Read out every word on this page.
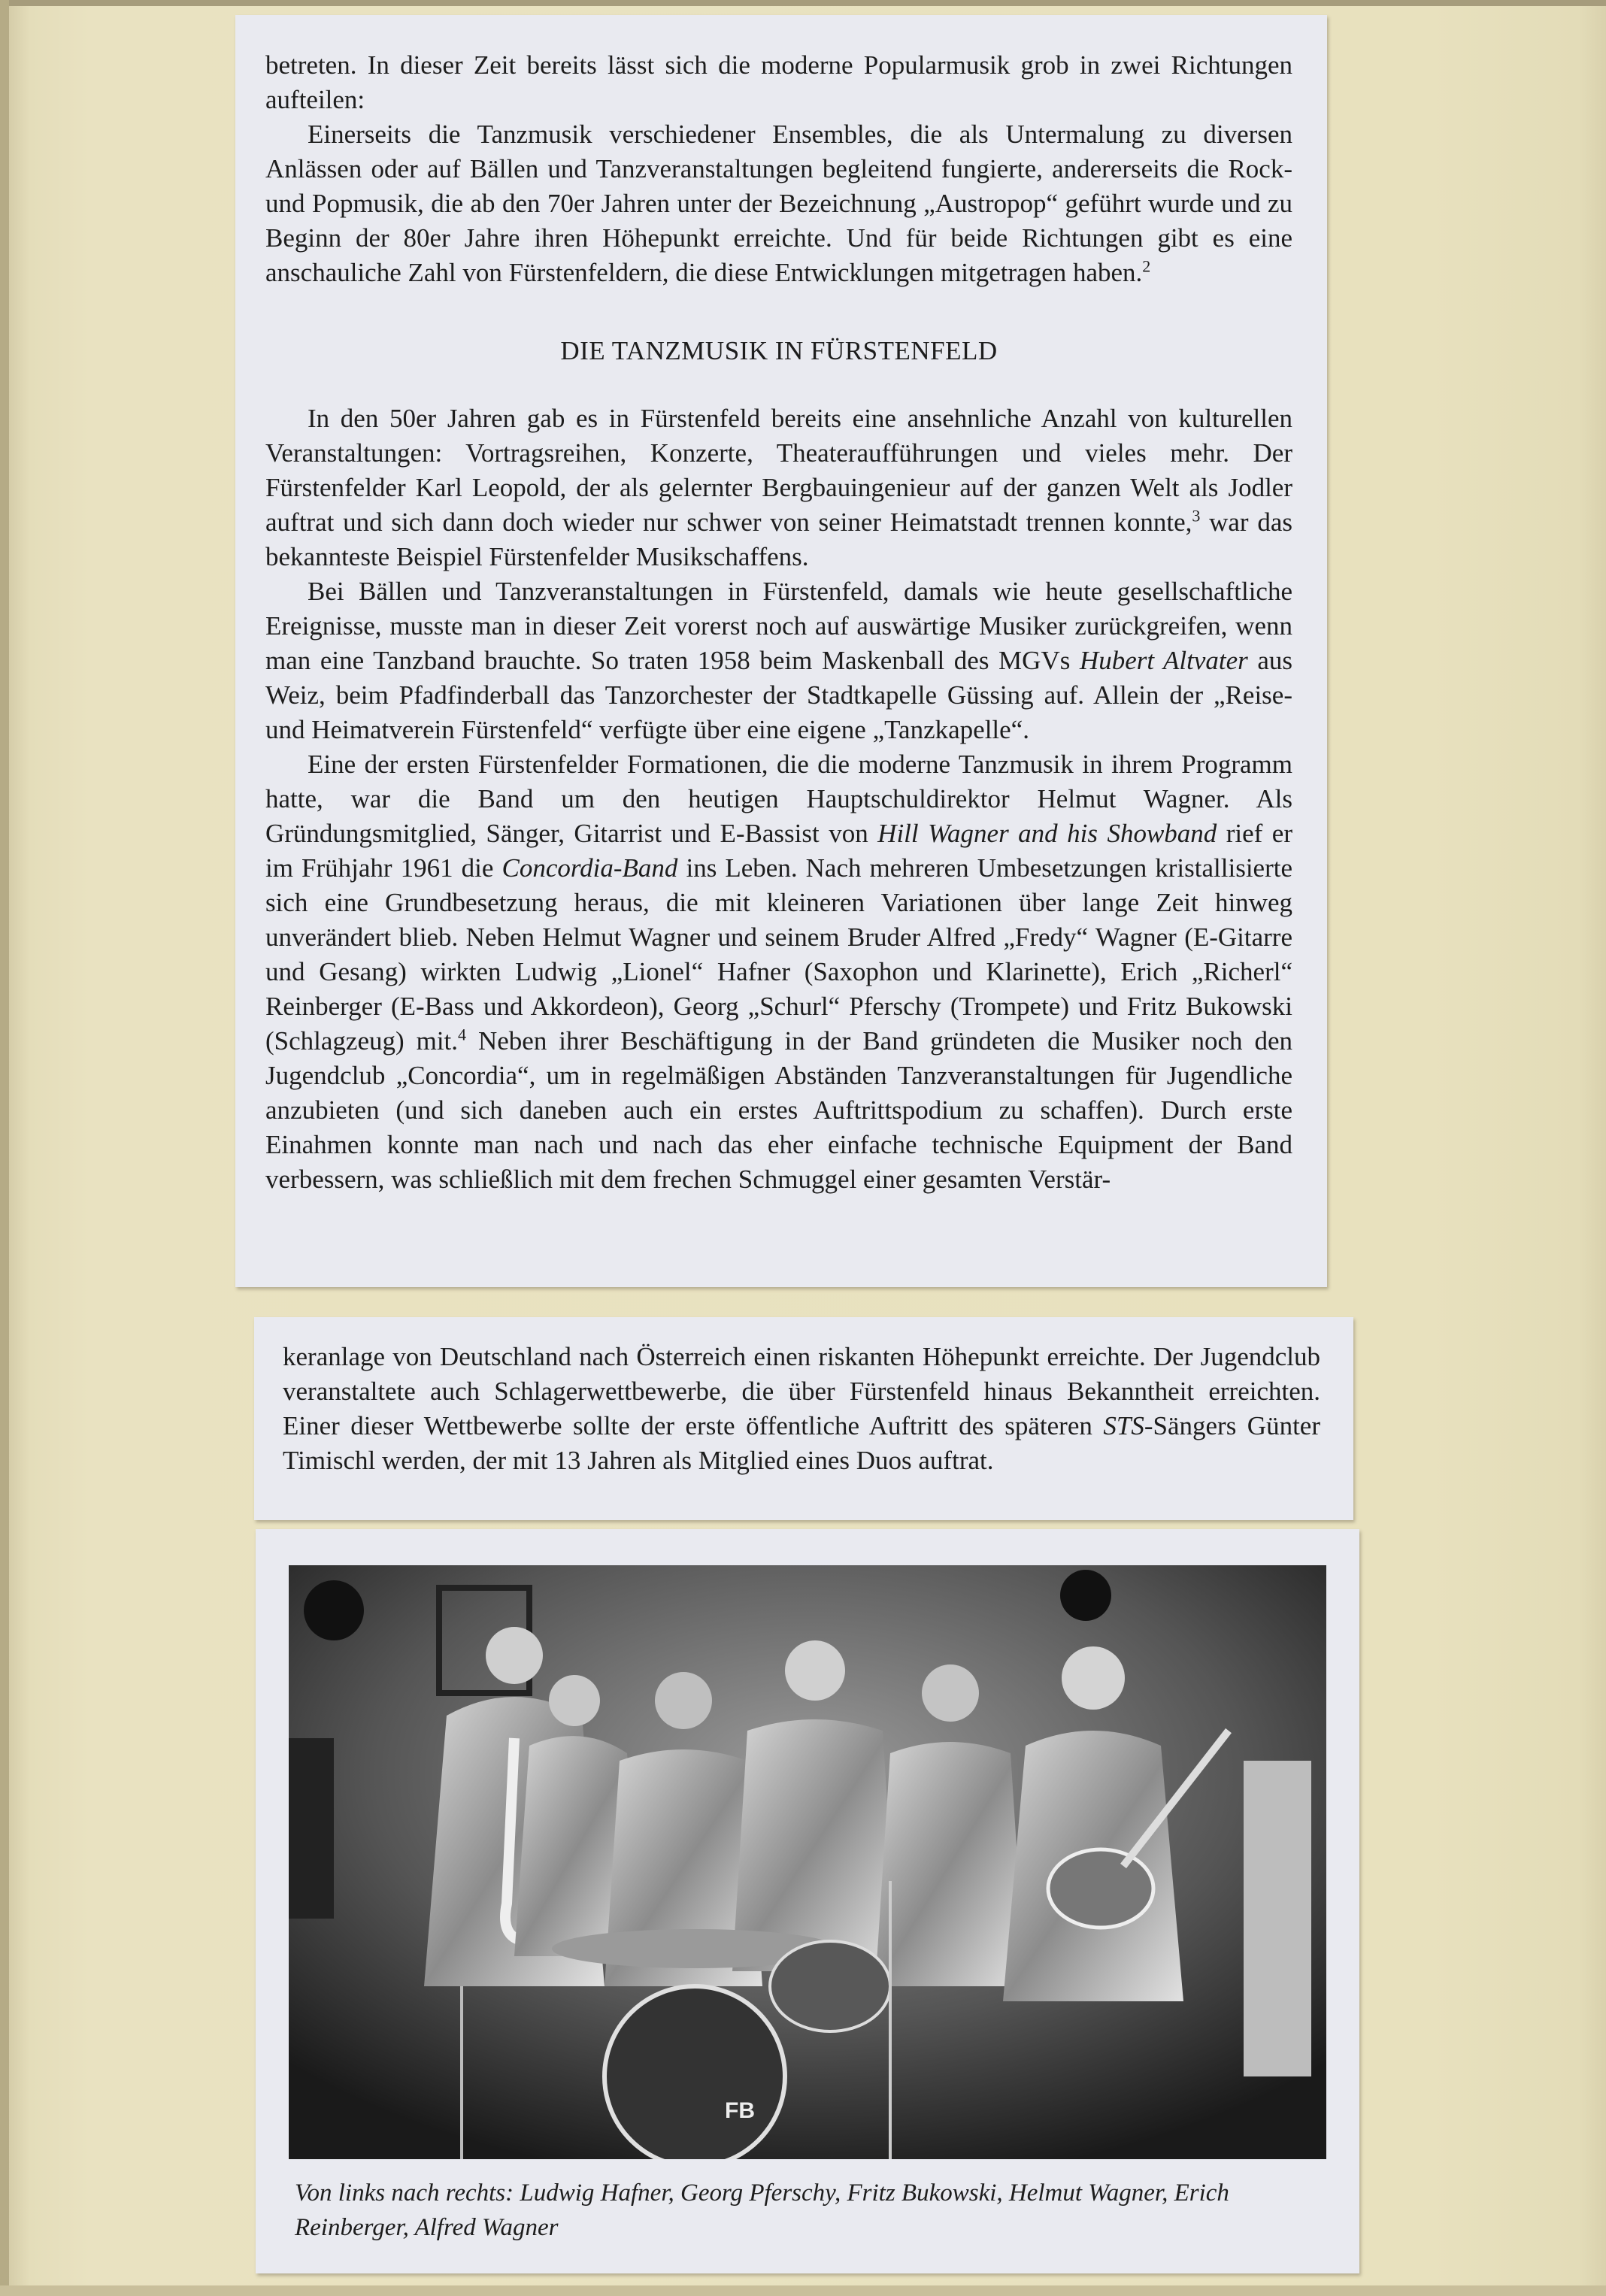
betreten. In dieser Zeit bereits lässt sich die moderne Popularmusik grob in zwei Richtungen aufteilen:

Einerseits die Tanzmusik verschiedener Ensembles, die als Untermalung zu diversen Anlässen oder auf Bällen und Tanzveranstaltungen begleitend fungierte, andererseits die Rock- und Popmusik, die ab den 70er Jahren unter der Bezeichnung „Austropop“ geführt wurde und zu Beginn der 80er Jahre ihren Höhepunkt erreichte. Und für beide Richtungen gibt es eine anschauliche Zahl von Fürstenfeldern, die diese Entwicklungen mitgetragen haben.$^2$

DIE TANZMUSIK IN FÜRSTENFELD

In den 50er Jahren gab es in Fürstenfeld bereits eine ansehnliche Anzahl von kulturellen Veranstaltungen: Vortragsreihen, Konzerte, Theateraufführungen und vieles mehr. Der Fürstenfelder Karl Leopold, der als gelernter Bergbauingenieur auf der ganzen Welt als Jodler auftrat und sich dann doch wieder nur schwer von seiner Heimatstadt trennen konnte,$^3$ war das bekannteste Beispiel Fürstenfelder Musikschaffens.

Bei Bällen und Tanzveranstaltungen in Fürstenfeld, damals wie heute gesellschaftliche Ereignisse, musste man in dieser Zeit vorerst noch auf auswärtige Musiker zurückgreifen, wenn man eine Tanzband brauchte. So traten 1958 beim Maskenball des MGVs Hubert Altvater aus Weiz, beim Pfadfinderball das Tanzorchester der Stadtkapelle Güssing auf. Allein der „Reise- und Heimatverein Fürstenfeld“ verfügte über eine eigene „Tanzkapelle“.

Eine der ersten Fürstenfelder Formationen, die die moderne Tanzmusik in ihrem Programm hatte, war die Band um den heutigen Hauptschuldirektor Helmut Wagner. Als Gründungsmitglied, Sänger, Gitarrist und E-Bassist von Hill Wagner and his Showband rief er im Frühjahr 1961 die Concordia-Band ins Leben. Nach mehreren Umbesetzungen kristallisierte sich eine Grundbesetzung heraus, die mit kleineren Variationen über lange Zeit hinweg unverändert blieb. Neben Helmut Wagner und seinem Bruder Alfred „Fredy“ Wagner (E-Gitarre und Gesang) wirkten Ludwig „Lionel“ Hafner (Saxophon und Klarinette), Erich „Richerl“ Reinberger (E-Bass und Akkordeon), Georg „Schurl“ Pferschy (Trompete) und Fritz Bukowski (Schlagzeug) mit.$^4$ Neben ihrer Beschäftigung in der Band gründeten die Musiker noch den Jugendclub „Concordia“, um in regelmäßigen Abständen Tanzveranstaltungen für Jugendliche anzubieten (und sich daneben auch ein erstes Auftrittspodium zu schaffen). Durch erste Einahmen konnte man nach und nach das eher einfache technische Equipment der Band verbessern, was schließlich mit dem frechen Schmuggel einer gesamten Verstär-

keranlage von Deutschland nach Österreich einen riskanten Höhepunkt erreichte. Der Jugendclub veranstaltete auch Schlagerwettbewerbe, die über Fürstenfeld hinaus Bekanntheit erreichten. Einer dieser Wettbewerbe sollte der erste öffentliche Auftritt des späteren STS-Sängers Günter Timischl werden, der mit 13 Jahren als Mitglied eines Duos auftrat.

FB
Von links nach rechts: Ludwig Hafner, Georg Pferschy, Fritz Bukowski, Helmut Wagner, Erich Reinberger, Alfred Wagner
